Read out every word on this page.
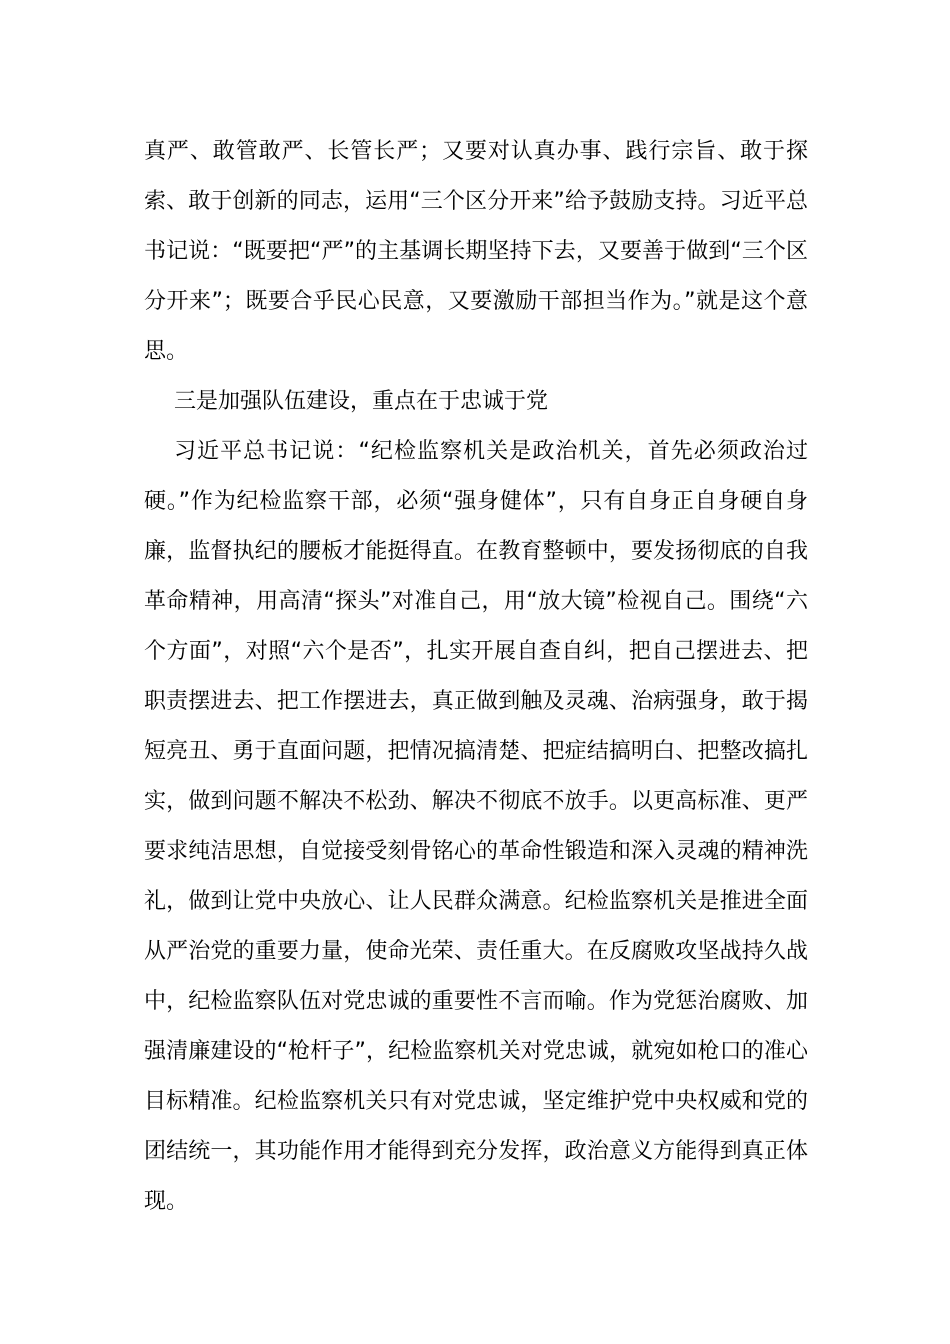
真严、敢管敢严、长管长严；又要对认真办事、践行宗旨、敢于探索、敢于创新的同志，运用“三个区分开来”给予鼓励支持。习近平总书记说：“既要把“严”的主基调长期坚持下去，又要善于做到“三个区分开来”；既要合乎民心民意，又要激励干部担当作为。”就是这个意思。

三是加强队伍建设，重点在于忠诚于党

习近平总书记说：“纪检监察机关是政治机关，首先必须政治过硬。”作为纪检监察干部，必须“强身健体”，只有自身正自身硬自身廉，监督执纪的腰板才能挺得直。在教育整顿中，要发扬彻底的自我革命精神，用高清“探头”对准自己，用“放大镜”检视自己。围绕“六个方面”，对照“六个是否”，扎实开展自查自纠，把自己摆进去、把职责摆进去、把工作摆进去，真正做到触及灵魂、治病强身，敢于揭短亮丑、勇于直面问题，把情况搞清楚、把症结搞明白、把整改搞扎实，做到问题不解决不松劲、解决不彻底不放手。以更高标准、更严要求纯洁思想，自觉接受刻骨铭心的革命性锻造和深入灵魂的精神洗礼，做到让党中央放心、让人民群众满意。纪检监察机关是推进全面从严治党的重要力量，使命光荣、责任重大。在反腐败攻坚战持久战中，纪检监察队伍对党忠诚的重要性不言而喻。作为党惩治腐败、加强清廉建设的“枪杆子”，纪检监察机关对党忠诚，就宛如枪口的准心目标精准。纪检监察机关只有对党忠诚，坚定维护党中央权威和党的团结统一，其功能作用才能得到充分发挥，政治意义方能得到真正体现。
